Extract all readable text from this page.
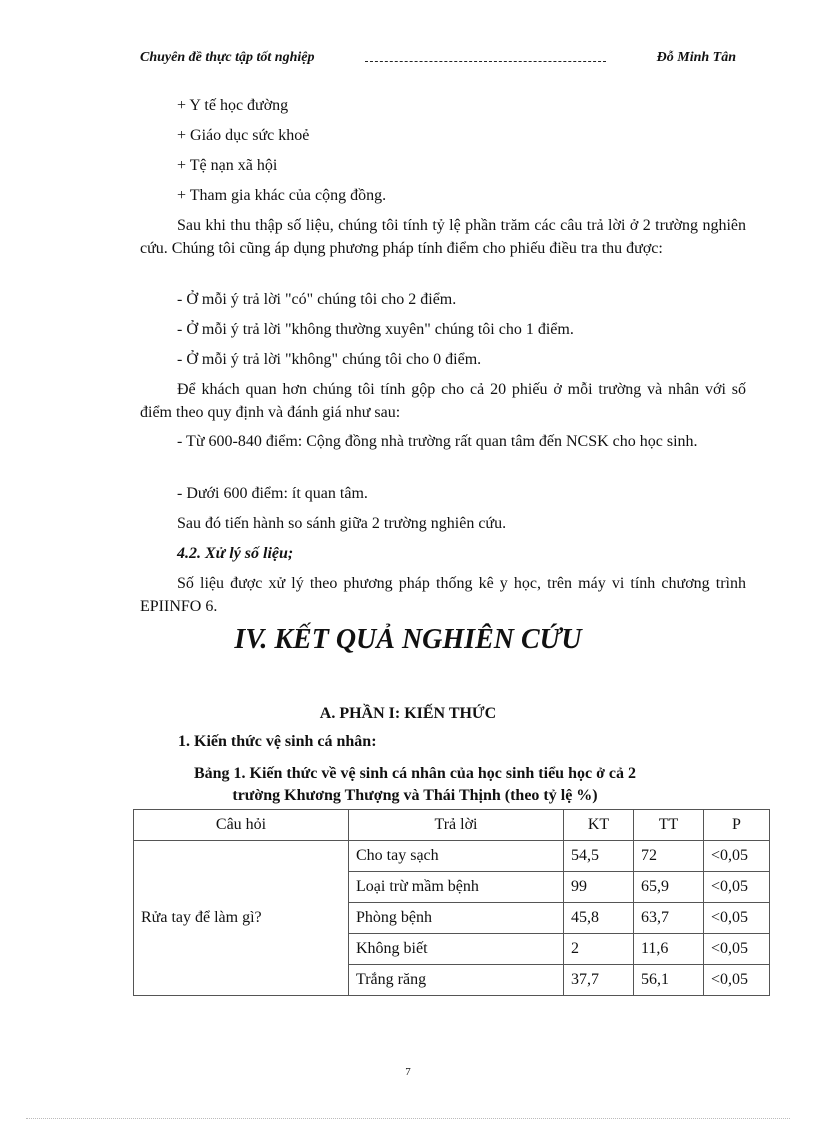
Chuyên đề thực tập tốt nghiệp	Đỗ Minh Tân
+ Y tế học đường
+ Giáo dục sức khoẻ
+ Tệ nạn xã hội
+ Tham gia khác của cộng đồng.
Sau khi thu thập số liệu, chúng tôi tính tỷ lệ phần trăm các câu trả lời ở 2 trường nghiên cứu. Chúng tôi cũng áp dụng phương pháp tính điểm cho phiếu điều tra thu được:
- Ở mỗi ý trả lời "có" chúng tôi cho 2 điểm.
- Ở mỗi ý trả lời "không thường xuyên" chúng tôi cho 1 điểm.
- Ở mỗi ý trả lời "không" chúng tôi cho 0 điểm.
Để khách quan hơn chúng tôi tính gộp cho cả 20 phiếu ở mỗi trường và nhân với số điểm theo quy định và đánh giá như sau:
- Từ 600-840 điểm: Cộng đồng nhà trường rất quan tâm đến NCSK cho học sinh.
- Dưới 600 điểm: ít quan tâm.
Sau đó tiến hành so sánh giữa 2 trường nghiên cứu.
4.2. Xử lý số liệu;
Số liệu được xử lý theo phương pháp thống kê y học, trên máy vi tính chương trình EPIINFO 6.
IV. KẾT QUẢ NGHIÊN CỨU
A. PHẦN I: KIẾN THỨC
1. Kiến thức vệ sinh cá nhân:
Bảng 1. Kiến thức về vệ sinh cá nhân của học sinh tiểu học ở cả 2
trường Khương Thượng và Thái Thịnh (theo tỷ lệ %)
Câu hỏi	Trả lời	KT	TT	P
Rửa tay để làm gì?	Cho tay sạch	54,5	72	<0,05
	Loại trừ mầm bệnh	99	65,9	<0,05
	Phòng bệnh	45,8	63,7	<0,05
	Không biết	2	11,6	<0,05
	Trắng răng	37,7	56,1	<0,05
7
